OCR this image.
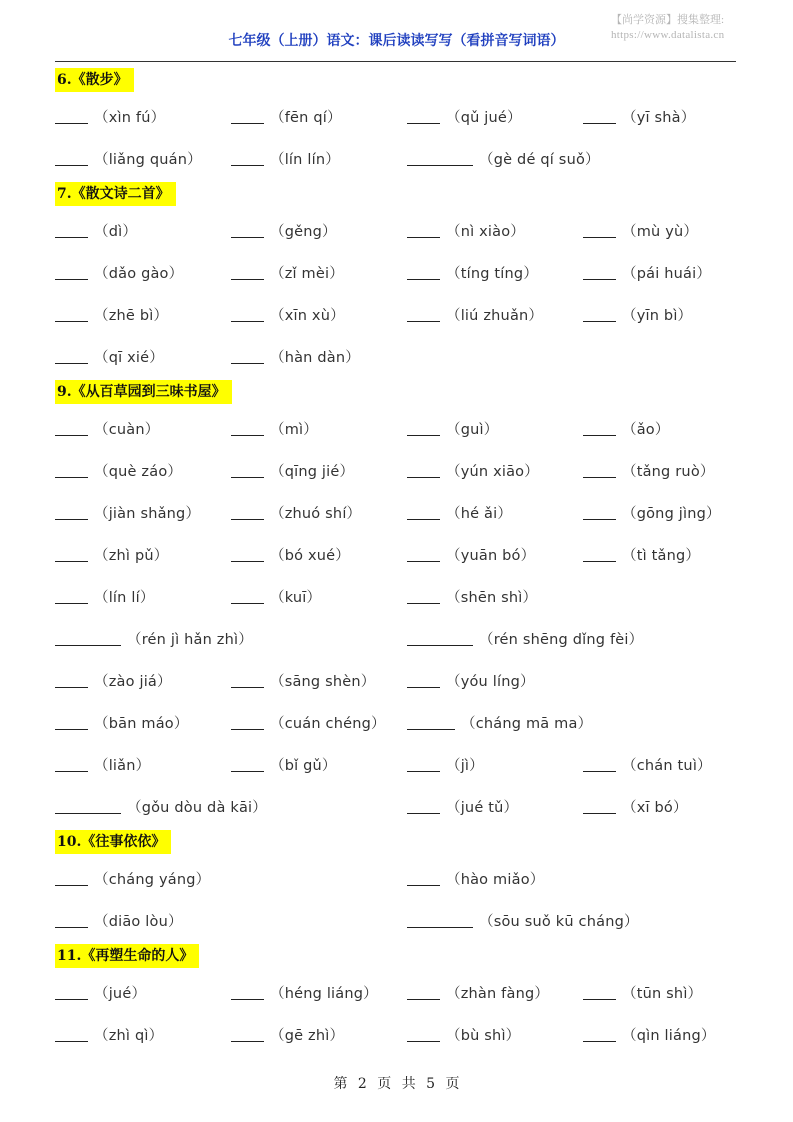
【尚学资源】搜集整理:
https://www.datalista.cn
七年级（上册）语文：课后读读写写（看拼音写词语）
6.《散步》
（xìn fú）	（fēn qí）	（qǔ jué）	（yī shà）
（liǎng quán）	（lín lín）	（gè dé qí suǒ）
7.《散文诗二首》
（dì）	（gěng）	（nì xiào）	（mù yù）
（dǎo gào）	（zǐ mèi）	（tíng tíng）	（pái huái）
（zhē bì）	（xīn xù）	（liú zhuǎn）	（yīn bì）
（qī xié）	（hàn dàn）
9.《从百草园到三味书屋》
（cuàn）	（mì）	（guì）	（ǎo）
（què záo）	（qīng jié）	（yún xiāo）	（tǎng ruò）
（jiàn shǎng）	（zhuó shí）	（hé ǎi）	（gōng jìng）
（zhì pǔ）	（bó xué）	（yuān bó）	（tì tǎng）
（lín lí）	（kuī）	（shēn shì）
（rén jì hǎn zhì）	（rén shēng dǐng fèi）
（zào jiá）	（sāng shèn）	（yóu líng）
（bān máo）	（cuán chéng）	（cháng mā ma）
（liǎn）	（bǐ gǔ）	（jì）	（chán tuì）
（gǒu dòu dà kāi）	（jué tǔ）	（xī bó）
10.《往事依依》
（cháng yáng）	（hào miǎo）
（diāo lòu）	（sōu suǒ kū cháng）
11.《再塑生命的人》
（jué）	（héng liáng）	（zhàn fàng）	（tūn shì）
（zhì qì）	（gē zhì）	（bù shì）	（qìn liáng）
第 2 页 共 5 页
